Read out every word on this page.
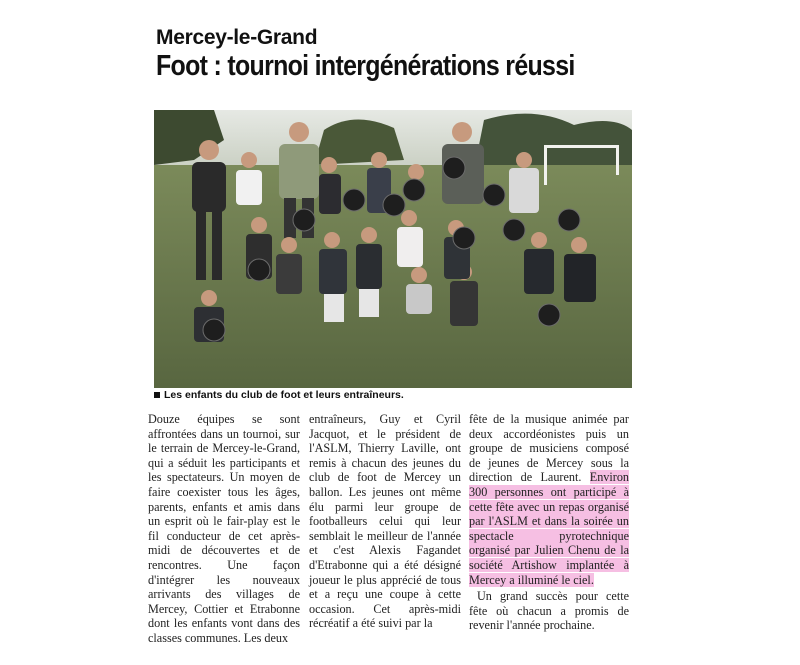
Mercey-le-Grand
Foot : tournoi intergénérations réussi
Les enfants du club de foot et leurs entraîneurs.

Douze équipes se sont affrontées dans un tournoi, sur le terrain de Mercey-le-Grand, qui a séduit les participants et les spectateurs. Un moyen de faire coexister tous les âges, parents, enfants et amis dans un esprit où le fair-play est le fil conducteur de cet après-midi de découvertes et de rencontres. Une façon d'intégrer les nouveaux arrivants des villages de Mercey, Cottier et Etrabonne dont les enfants vont dans des classes communes. Les deux

entraîneurs, Guy et Cyril Jacquot, et le président de l'ASLM, Thierry Laville, ont remis à chacun des jeunes du club de foot de Mercey un ballon. Les jeunes ont même élu parmi leur groupe de footballeurs celui qui leur semblait le meilleur de l'année et c'est Alexis Fagandet d'Etrabonne qui a été désigné joueur le plus apprécié de tous et a reçu une coupe à cette occasion. Cet après-midi récréatif a été suivi par la

fête de la musique animée par deux accordéonistes puis un groupe de musiciens composé de jeunes de Mercey sous la direction de Laurent. Environ 300 personnes ont participé à cette fête avec un repas organisé par l'ASLM et dans la soirée un spectacle pyrotechnique organisé par Julien Chenu de la société Artishow implantée à Mercey a illuminé le ciel.

Un grand succès pour cette fête où chacun a promis de revenir l'année prochaine.
